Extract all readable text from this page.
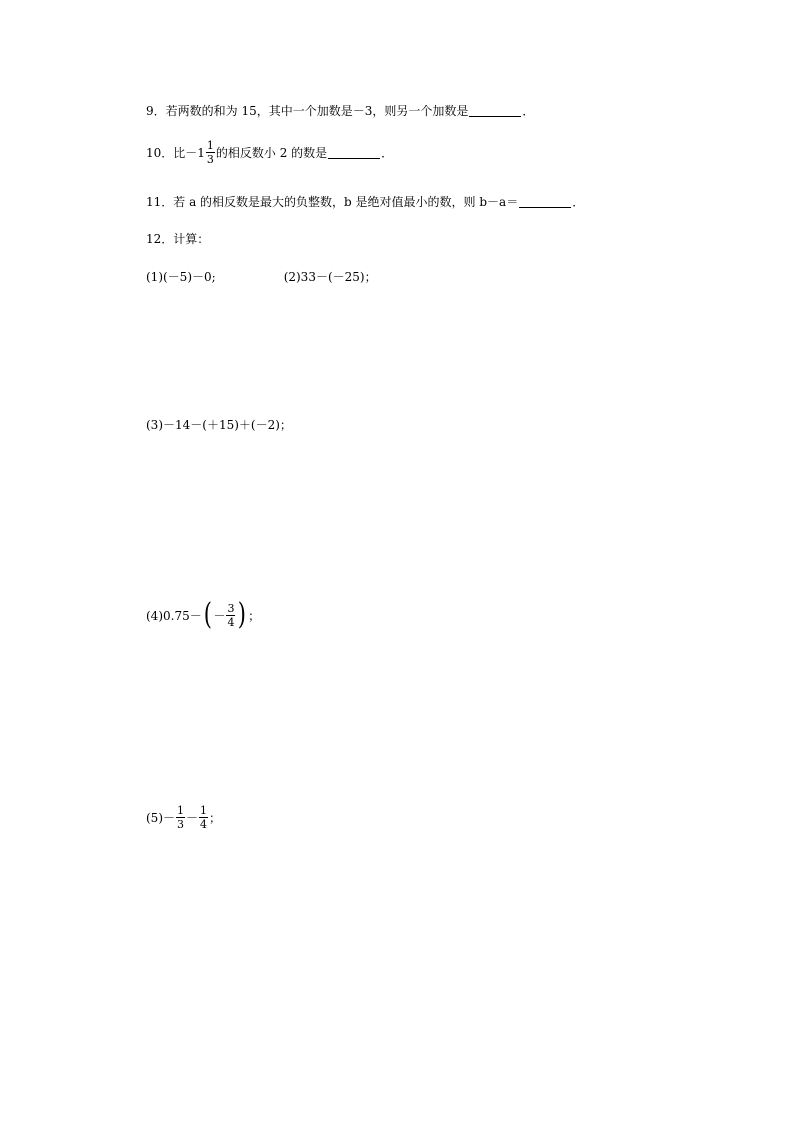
9．若两数的和为 15，其中一个加数是－3，则另一个加数是	．
10．比$-1 \frac{1}{3}$ 的相反数小 2 的数是	．
11．若 a 的相反数是最大的负整数，b 是绝对值最小的数，则 b－a＝	．
12．计算：
(1)(－5)－0;	(2)33－(－25)；
(3)－14－(＋15)＋(－2)；
(4)0.75－ ( － $\frac{3}{4}$ ) ；
$(5)- \frac{1}{3} - \frac{1}{4}$ ；
